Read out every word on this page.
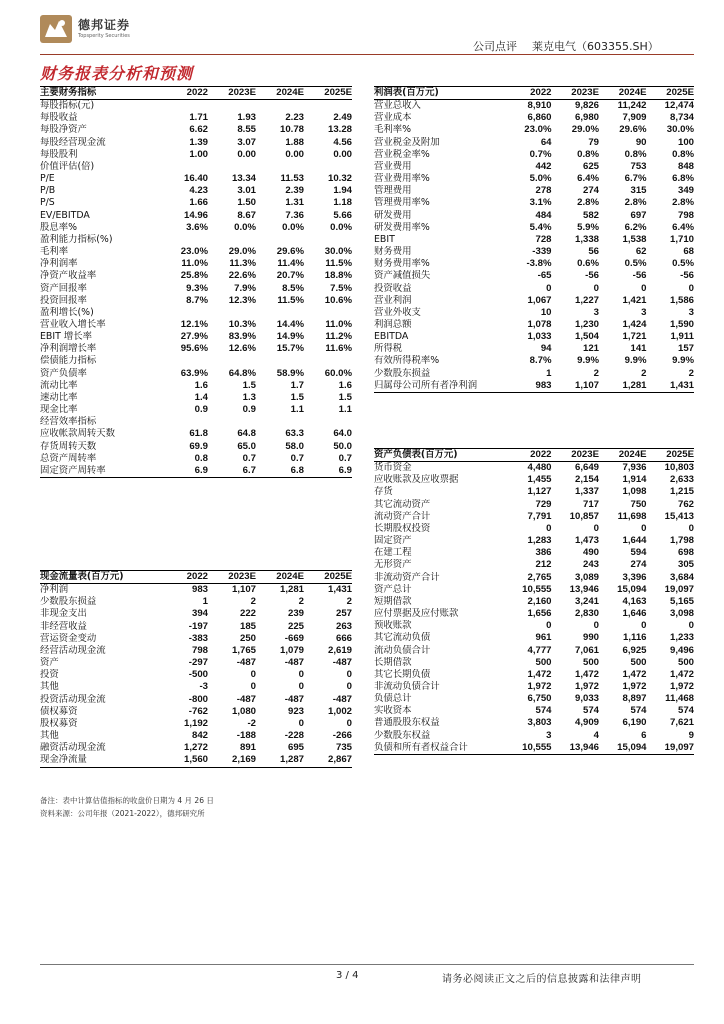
德邦证券
Topsperity Securities
公司点评 莱克电气（603355.SH）
财务报表分析和预测
主要财务指标	2022	2023E	2024E	2025E
每股指标(元)				
每股收益	1.71	1.93	2.23	2.49
每股净资产	6.62	8.55	10.78	13.28
每股经营现金流	1.39	3.07	1.88	4.56
每股股利	1.00	0.00	0.00	0.00
价值评估(倍)				
P/E	16.40	13.34	11.53	10.32
P/B	4.23	3.01	2.39	1.94
P/S	1.66	1.50	1.31	1.18
EV/EBITDA	14.96	8.67	7.36	5.66
股息率%	3.6%	0.0%	0.0%	0.0%
盈利能力指标(%)				
毛利率	23.0%	29.0%	29.6%	30.0%
净利润率	11.0%	11.3%	11.4%	11.5%
净资产收益率	25.8%	22.6%	20.7%	18.8%
资产回报率	9.3%	7.9%	8.5%	7.5%
投资回报率	8.7%	12.3%	11.5%	10.6%
盈利增长(%)				
营业收入增长率	12.1%	10.3%	14.4%	11.0%
EBIT 增长率	27.9%	83.9%	14.9%	11.2%
净利润增长率	95.6%	12.6%	15.7%	11.6%
偿债能力指标				
资产负债率	63.9%	64.8%	58.9%	60.0%
流动比率	1.6	1.5	1.7	1.6
速动比率	1.4	1.3	1.5	1.5
现金比率	0.9	0.9	1.1	1.1
经营效率指标				
应收帐款周转天数	61.8	64.8	63.3	64.0
存货周转天数	69.9	65.0	58.0	50.0
总资产周转率	0.8	0.7	0.7	0.7
固定资产周转率	6.9	6.7	6.8	6.9
利润表(百万元)	2022	2023E	2024E	2025E
营业总收入	8,910	9,826	11,242	12,474
营业成本	6,860	6,980	7,909	8,734
毛利率%	23.0%	29.0%	29.6%	30.0%
营业税金及附加	64	79	90	100
营业税金率%	0.7%	0.8%	0.8%	0.8%
营业费用	442	625	753	848
营业费用率%	5.0%	6.4%	6.7%	6.8%
管理费用	278	274	315	349
管理费用率%	3.1%	2.8%	2.8%	2.8%
研发费用	484	582	697	798
研发费用率%	5.4%	5.9%	6.2%	6.4%
EBIT	728	1,338	1,538	1,710
财务费用	-339	56	62	68
财务费用率%	-3.8%	0.6%	0.5%	0.5%
资产减值损失	-65	-56	-56	-56
投资收益	0	0	0	0
营业利润	1,067	1,227	1,421	1,586
营业外收支	10	3	3	3
利润总额	1,078	1,230	1,424	1,590
EBITDA	1,033	1,504	1,721	1,911
所得税	94	121	141	157
有效所得税率%	8.7%	9.9%	9.9%	9.9%
少数股东损益	1	2	2	2
归属母公司所有者净利润	983	1,107	1,281	1,431
资产负债表(百万元)	2022	2023E	2024E	2025E
货币资金	4,480	6,649	7,936	10,803
应收账款及应收票据	1,455	2,154	1,914	2,633
存货	1,127	1,337	1,098	1,215
其它流动资产	729	717	750	762
流动资产合计	7,791	10,857	11,698	15,413
长期股权投资	0	0	0	0
固定资产	1,283	1,473	1,644	1,798
在建工程	386	490	594	698
无形资产	212	243	274	305
非流动资产合计	2,765	3,089	3,396	3,684
资产总计	10,555	13,946	15,094	19,097
短期借款	2,160	3,241	4,163	5,165
应付票据及应付账款	1,656	2,830	1,646	3,098
预收账款	0	0	0	0
其它流动负债	961	990	1,116	1,233
流动负债合计	4,777	7,061	6,925	9,496
长期借款	500	500	500	500
其它长期负债	1,472	1,472	1,472	1,472
非流动负债合计	1,972	1,972	1,972	1,972
负债总计	6,750	9,033	8,897	11,468
实收资本	574	574	574	574
普通股股东权益	3,803	4,909	6,190	7,621
少数股东权益	3	4	6	9
负债和所有者权益合计	10,555	13,946	15,094	19,097
现金流量表(百万元)	2022	2023E	2024E	2025E
净利润	983	1,107	1,281	1,431
少数股东损益	1	2	2	2
非现金支出	394	222	239	257
非经营收益	-197	185	225	263
营运资金变动	-383	250	-669	666
经营活动现金流	798	1,765	1,079	2,619
资产	-297	-487	-487	-487
投资	-500	0	0	0
其他	-3	0	0	0
投资活动现金流	-800	-487	-487	-487
债权募资	-762	1,080	923	1,002
股权募资	1,192	-2	0	0
其他	842	-188	-228	-266
融资活动现金流	1,272	891	695	735
现金净流量	1,560	2,169	1,287	2,867
备注：表中计算估值指标的收盘价日期为 4 月 26 日
资料来源：公司年报（2021-2022），德邦研究所
3 / 4	请务必阅读正文之后的信息披露和法律声明
